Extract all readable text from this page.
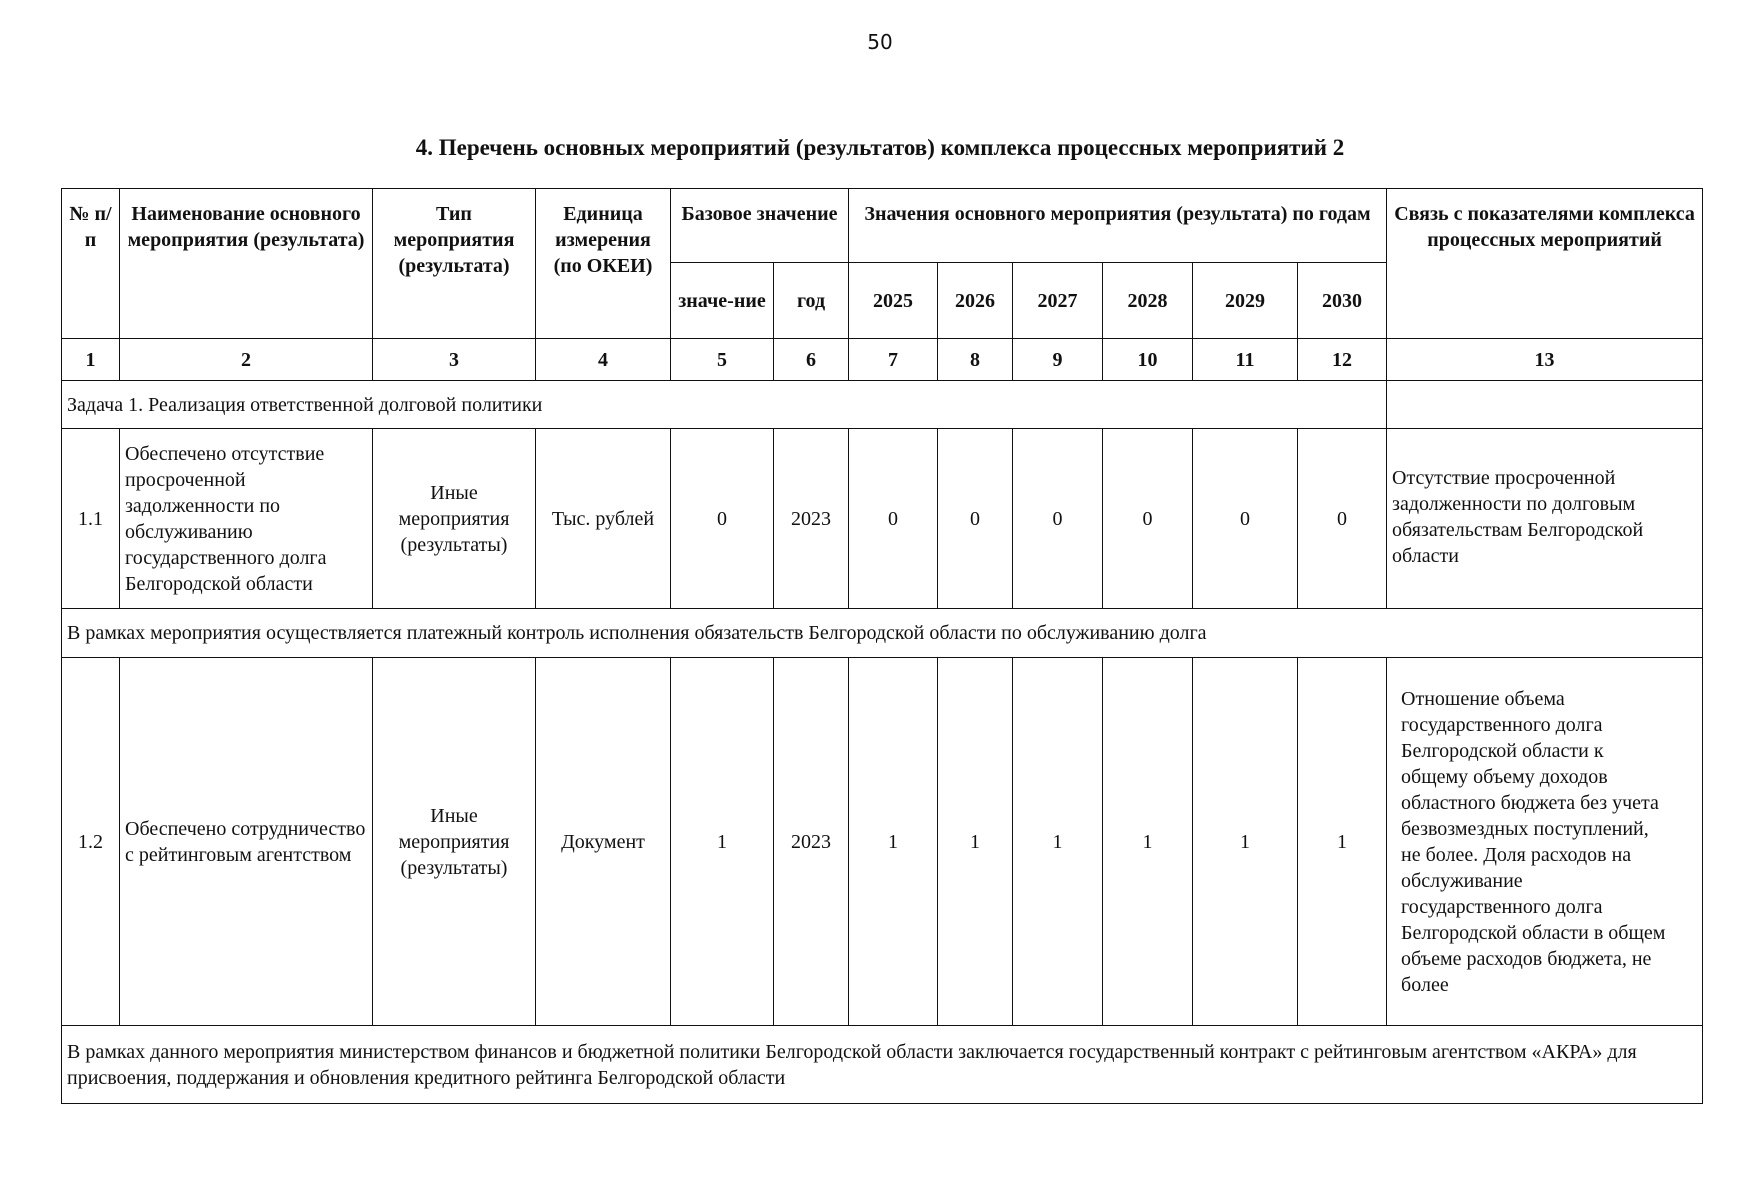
50
4. Перечень основных мероприятий (результатов) комплекса процессных мероприятий 2
№ п/п	Наименование основного мероприятия (результата)	Тип мероприятия (результата)	Единица измерения (по ОКЕИ)	Базовое значение		Значения основного мероприятия (результата) по годам						Связь с показателями комплекса процессных мероприятий
				значе-ние	год	2025	2026	2027	2028	2029	2030	
1	2	3	4	5	6	7	8	9	10	11	12	13
Задача 1. Реализация ответственной долговой политики												
1.1	Обеспечено отсутствие просроченной задолженности по обслуживанию государственного долга Белгородской области	Иные мероприятия (результаты)	Тыс. рублей	0	2023	0	0	0	0	0	0	Отсутствие просроченной задолженности по долговым обязательствам Белгородской области
В рамках мероприятия осуществляется платежный контроль исполнения обязательств Белгородской области по обслуживанию долга												
1.2	Обеспечено сотрудничество с рейтинговым агентством	Иные мероприятия (результаты)	Документ	1	2023	1	1	1	1	1	1	Отношение объема государственного долга Белгородской области к общему объему доходов областного бюджета без учета безвозмездных поступлений, не более. Доля расходов на обслуживание государственного долга Белгородской области в общем объеме расходов бюджета, не более
В рамках данного мероприятия министерством финансов и бюджетной политики Белгородской области заключается государственный контракт с рейтинговым агентством «АКРА» для присвоения, поддержания и обновления кредитного рейтинга Белгородской области												
